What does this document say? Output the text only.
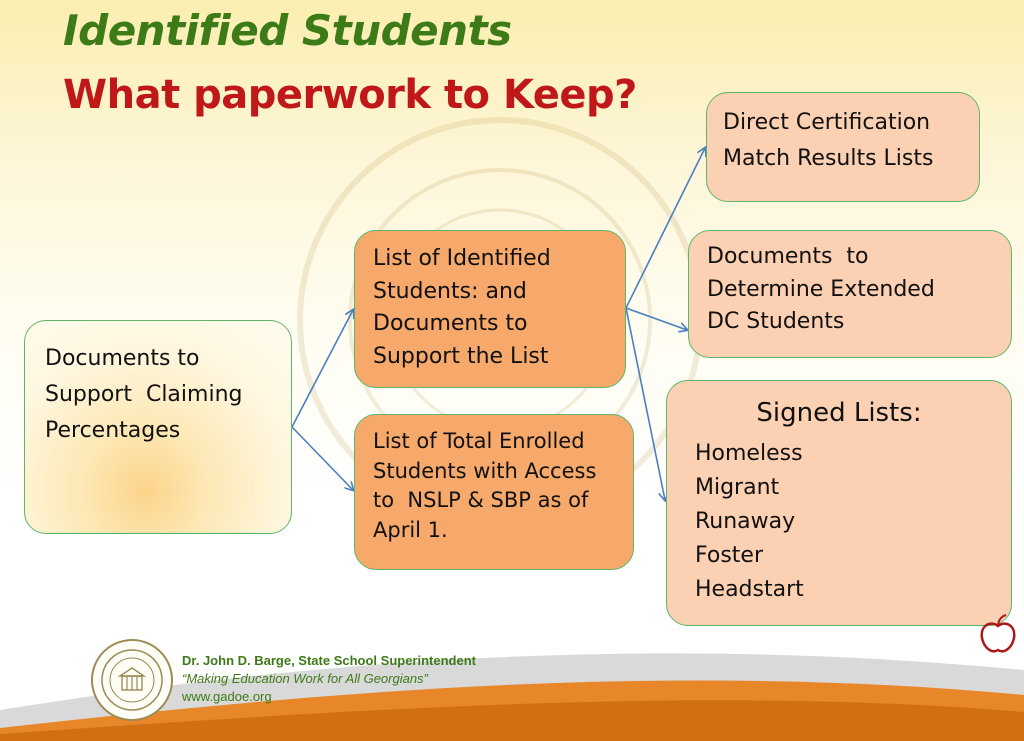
Identified Students
What paperwork to Keep?
Documents to
Support  Claiming
Percentages
List of Identified
Students: and
Documents to
Support the List
List of Total Enrolled
Students with Access
to  NSLP & SBP as of
April 1.
Direct Certification
Match Results Lists
Documents  to
Determine Extended
DC Students
Signed Lists:
Homeless
Migrant
Runaway
Foster
Headstart
Dr. John D. Barge, State School Superintendent
“Making Education Work for All Georgians”
www.gadoe.org
